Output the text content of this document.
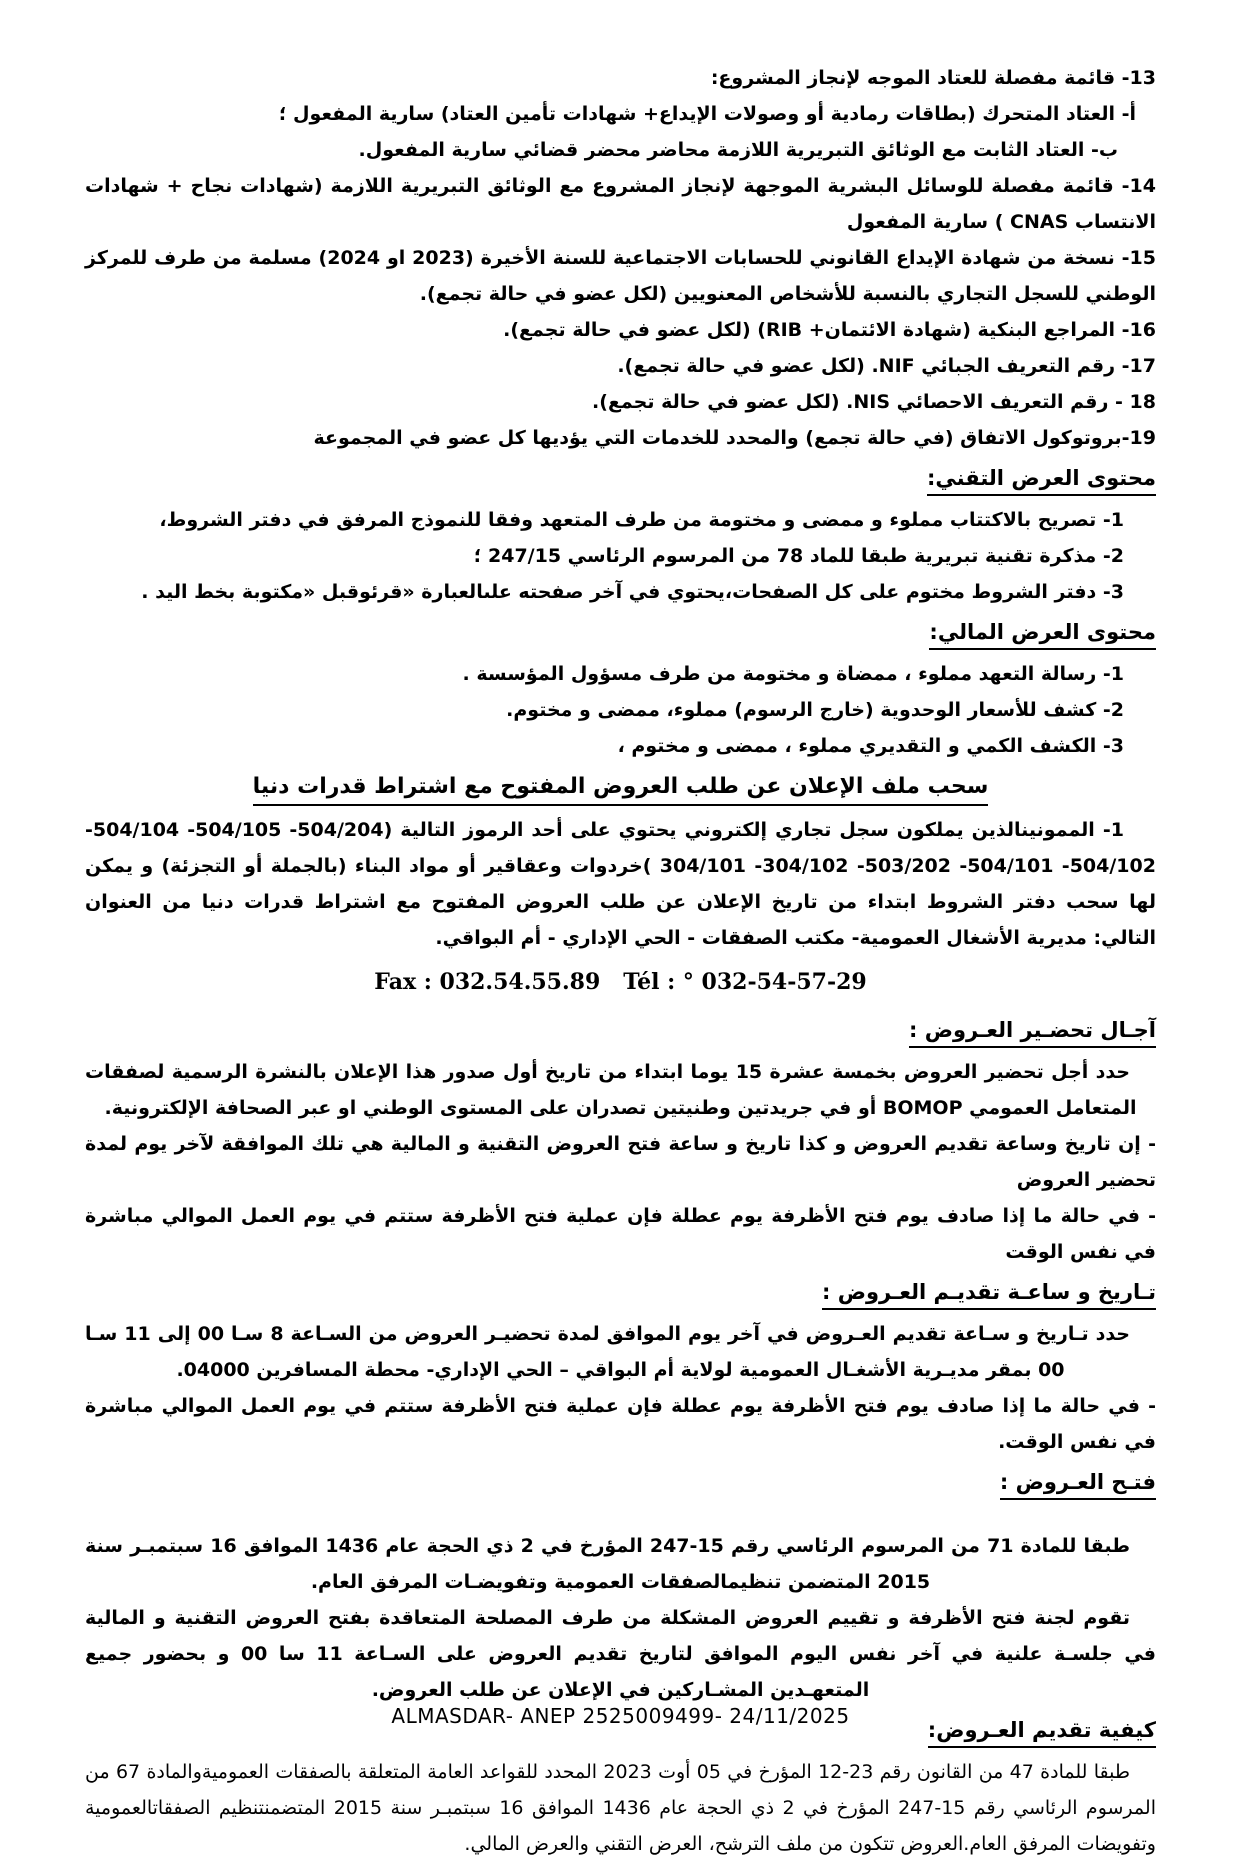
13- قائمة مفصلة للعتاد الموجه لإنجاز المشروع:
أ- العتاد المتحرك (بطاقات رمادية أو وصولات الإيداع+ شهادات تأمين العتاد) سارية المفعول ؛
ب- العتاد الثابت مع الوثائق التبريرية اللازمة محاضر محضر قضائي سارية المفعول.
14- قائمة مفصلة للوسائل البشرية الموجهة لإنجاز المشروع مع الوثائق التبريرية اللازمة (شهادات نجاح + شهادات الانتساب CNAS ) سارية المفعول
15- نسخة من شهادة الإيداع القانوني للحسابات الاجتماعية للسنة الأخيرة (2023 او 2024) مسلمة من طرف للمركز الوطني للسجل التجاري بالنسبة للأشخاص المعنويين (لكل عضو في حالة تجمع).
16- المراجع البنكية (شهادة الائتمان+ RIB) (لكل عضو في حالة تجمع).
17- رقم التعريف الجبائي NIF. (لكل عضو في حالة تجمع).
18 - رقم التعريف الاحصائي NIS. (لكل عضو في حالة تجمع).
19-بروتوكول الاتفاق (في حالة تجمع) والمحدد للخدمات التي يؤديها كل عضو في المجموعة
محتوى العرض التقني:
1- تصريح بالاكتتاب مملوء و ممضى و مختومة من طرف المتعهد وفقا للنموذج المرفق في دفتر الشروط،
2- مذكرة تقنية تبريرية طبقا للماد 78 من المرسوم الرئاسي 247/15 ؛
3- دفتر الشروط مختوم على كل الصفحات،يحتوي في آخر صفحته علىالعبارة «قرئوقبل «مكتوبة بخط اليد .
محتوى العرض المالي:
1- رسالة التعهد مملوء ، ممضاة و مختومة من طرف مسؤول المؤسسة .
2- كشف للأسعار الوحدوية (خارج الرسوم) مملوء، ممضى و مختوم.
3- الكشف الكمي و التقديري مملوء ، ممضى و مختوم ،
سحب ملف الإعلان عن طلب العروض المفتوح مع اشتراط قدرات دنيا
1- الممونينالذين يملكون سجل تجاري إلكتروني يحتوي على أحد الرموز التالية (504/204- 504/105- 504/104- 504/102- 504/101- 503/202- 304/102- 304/101 )خردوات وعقاقير أو مواد البناء (بالجملة أو التجزئة) و يمكن لها سحب دفتر الشروط ابتداء من تاريخ الإعلان عن طلب العروض المفتوح مع اشتراط قدرات دنيا من العنوان التالي: مديرية الأشغال العمومية- مكتب الصفقات - الحي الإداري - أم البواقي.
Fax : 032.54.55.89   Tél : ° 032-54-57-29
آجـال تحضـير العـروض :
حدد أجل تحضير العروض بخمسة عشرة 15 يوما ابتداء من تاريخ أول صدور هذا الإعلان بالنشرة الرسمية لصفقات المتعامل العمومي BOMOP أو في جريدتين وطنيتين تصدران على المستوى الوطني او عبر الصحافة الإلكترونية.
- إن تاريخ وساعة تقديم العروض و كذا تاريخ و ساعة فتح العروض التقنية و المالية هي تلك الموافقة لآخر يوم لمدة تحضير العروض
- في حالة ما إذا صادف يوم فتح الأظرفة يوم عطلة فإن عملية فتح الأظرفة ستتم في يوم العمل الموالي مباشرة في نفس الوقت
تـاريخ و ساعـة تقديـم العـروض :
حدد تـاريخ و سـاعة تقديم العـروض في آخر يوم الموافق لمدة تحضيـر العروض من السـاعة 8 سـا 00 إلى 11 سـا 00 بمقر مديـرية الأشغـال العمومية لولاية أم البواقي – الحي الإداري- محطة المسافرين 04000.
- في حالة ما إذا صادف يوم فتح الأظرفة يوم عطلة فإن عملية فتح الأظرفة ستتم في يوم العمل الموالي مباشرة في نفس الوقت.
فتـح العـروض :
طبقا للمادة 71 من المرسوم الرئاسي رقم 15-247 المؤرخ في 2 ذي الحجة عام 1436 الموافق 16 سبتمبـر سنة 2015 المتضمن تنظيمالصفقات العمومية وتفويضـات المرفق العام.
تقوم لجنة فتح الأظرفة و تقييم العروض المشكلة من طرف المصلحة المتعاقدة بفتح العروض التقنية و المالية في جلسـة علنية في آخر نفس اليوم الموافق لتاريخ تقديم العروض على السـاعة 11 سا 00 و بحضور جميع المتعهـدين المشـاركين في الإعلان عن طلب العروض.
كيفية تقديم العـروض:
طبقا للمادة 47 من القانون رقم 23-12 المؤرخ في 05 أوت 2023 المحدد للقواعد العامة المتعلقة بالصفقات العموميةوالمادة 67 من المرسوم الرئاسي رقم 15-247 المؤرخ في 2 ذي الحجة عام 1436 الموافق 16 سبتمبـر سنة 2015 المتضمنتنظيم الصفقاتالعمومية وتفويضات المرفق العام.العروض تتكون من ملف الترشح، العرض التقني والعرض المالي.
ALMASDAR- ANEP 2525009499- 24/11/2025
